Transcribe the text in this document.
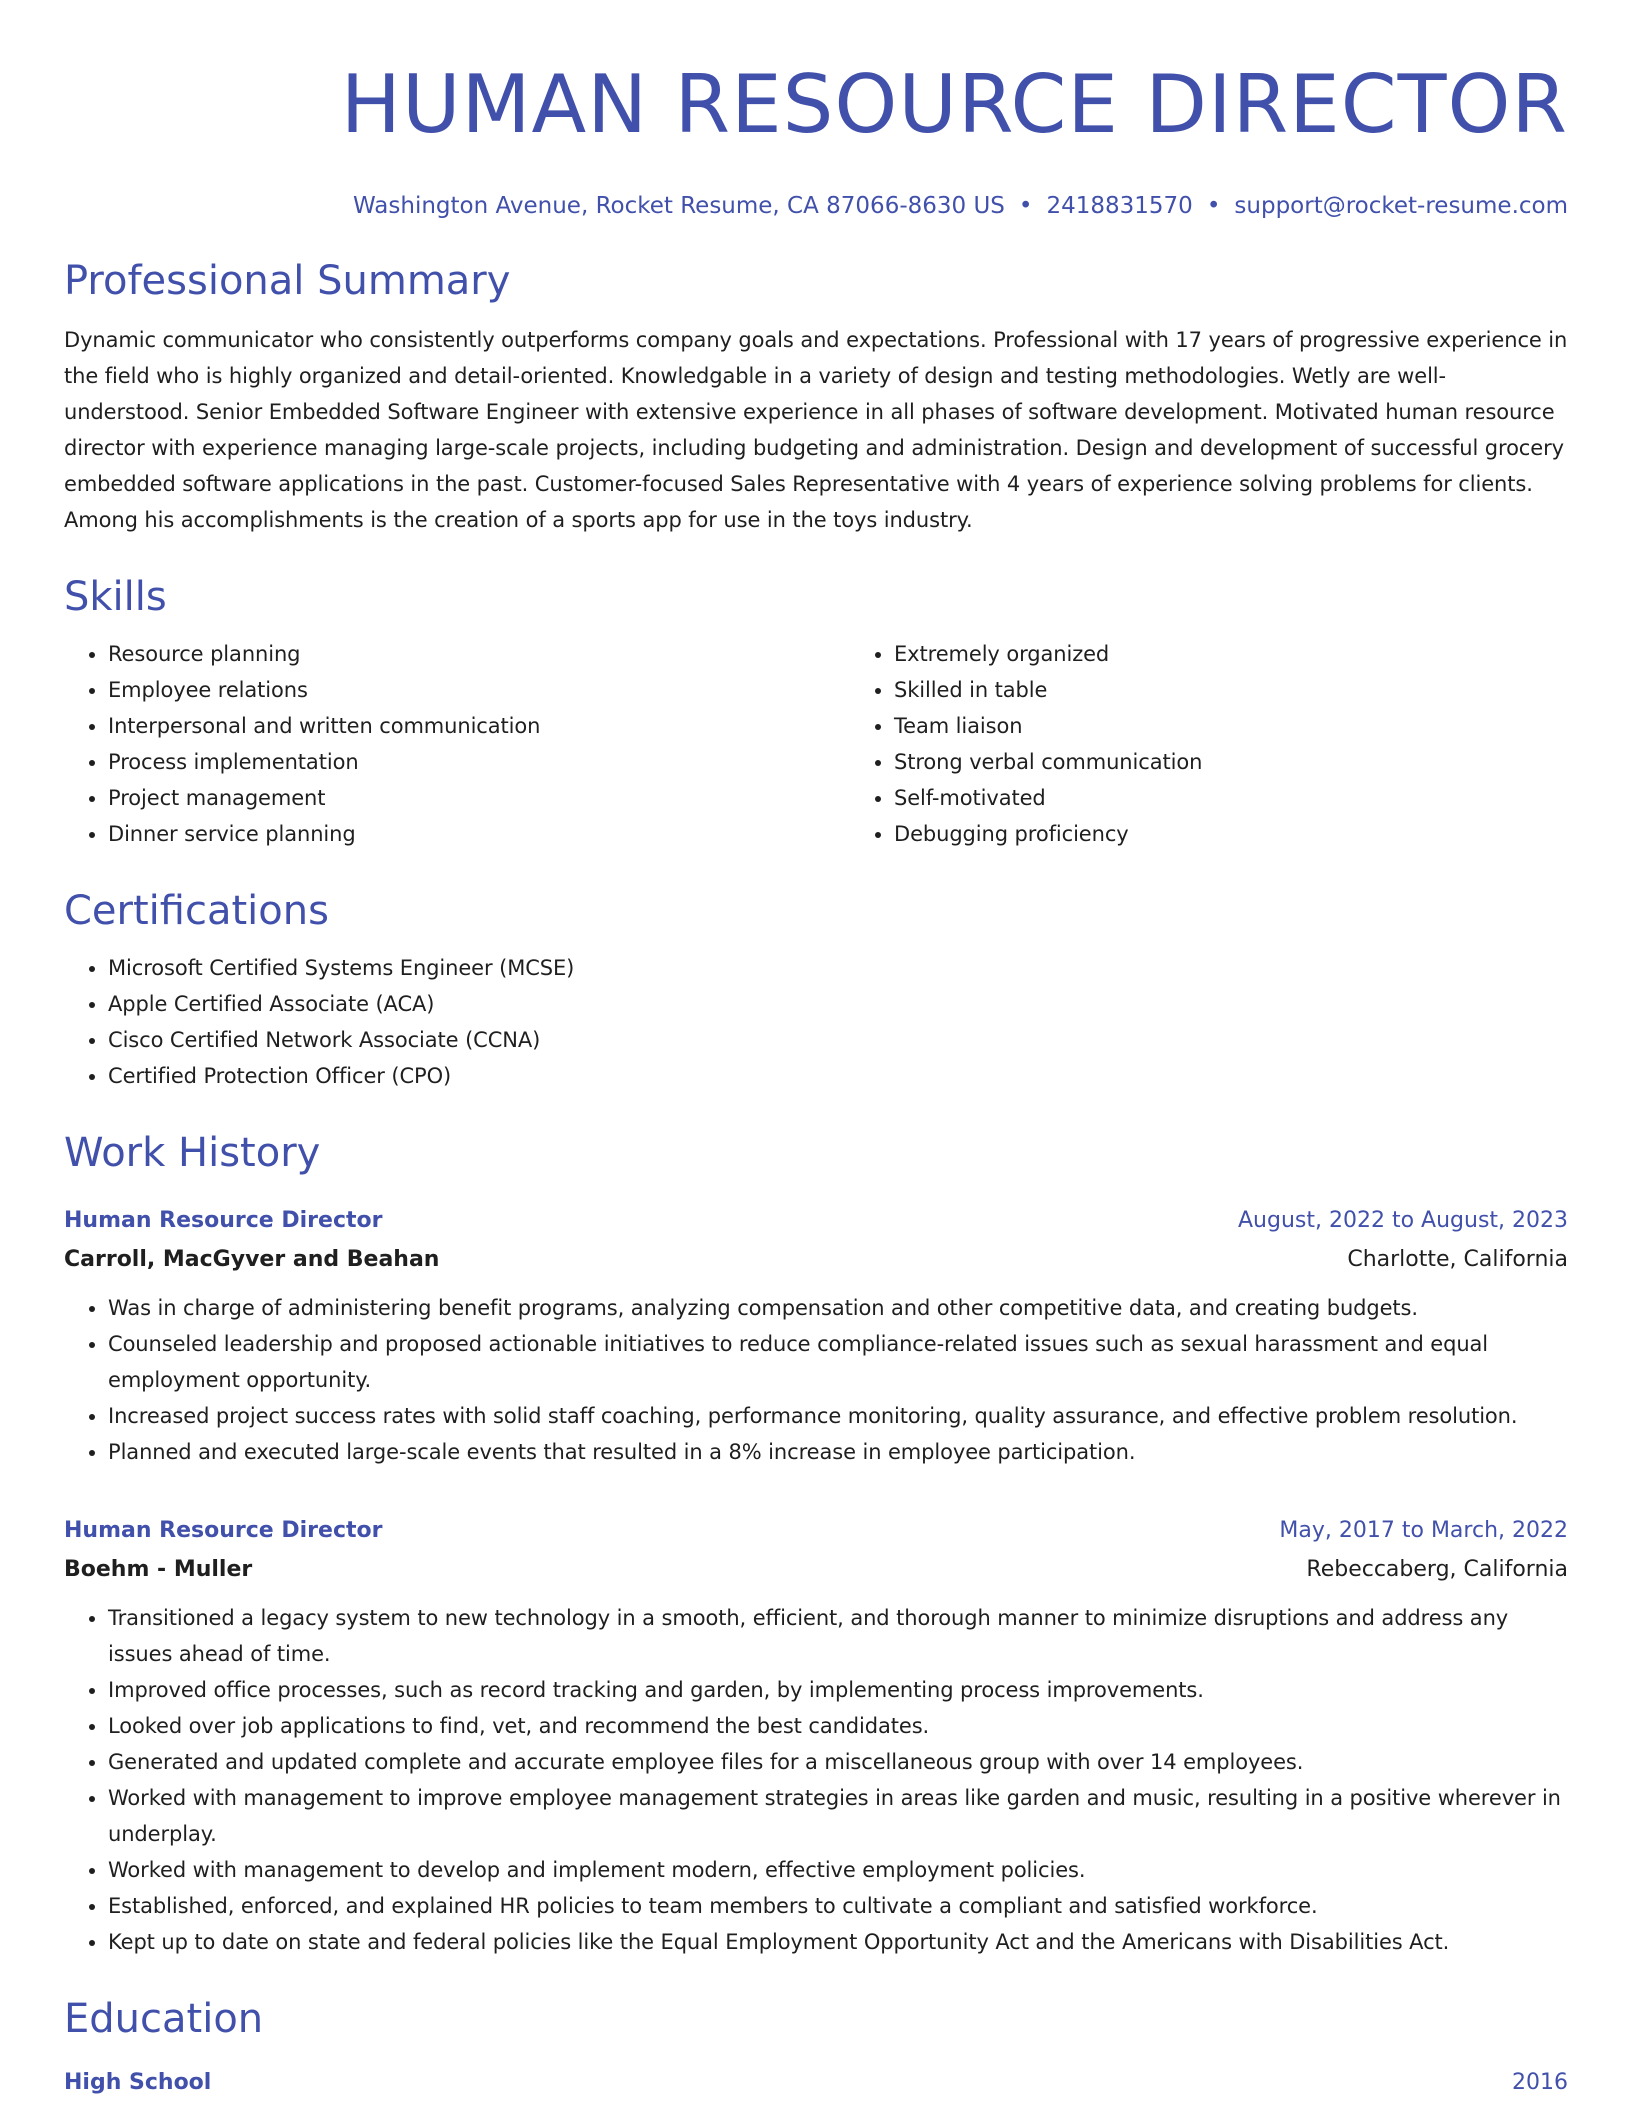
HUMAN RESOURCE DIRECTOR
Washington Avenue, Rocket Resume, CA 87066-8630 US • 2418831570 • support@rocket-resume.com
Professional Summary

Dynamic communicator who consistently outperforms company goals and expectations. Professional with 17 years of progressive experience in the field who is highly organized and detail-oriented. Knowledgable in a variety of design and testing methodologies. Wetly are well-understood. Senior Embedded Software Engineer with extensive experience in all phases of software development. Motivated human resource director with experience managing large-scale projects, including budgeting and administration. Design and development of successful grocery embedded software applications in the past. Customer-focused Sales Representative with 4 years of experience solving problems for clients. Among his accomplishments is the creation of a sports app for use in the toys industry.

Skills
• Resource planning
• Employee relations
• Interpersonal and written communication
• Process implementation
• Project management
• Dinner service planning
• Extremely organized
• Skilled in table
• Team liaison
• Strong verbal communication
• Self-motivated
• Debugging proficiency
Certifications
• Microsoft Certified Systems Engineer (MCSE)
• Apple Certified Associate (ACA)
• Cisco Certified Network Associate (CCNA)
• Certified Protection Officer (CPO)
Work History
Human Resource Director	August, 2022 to August, 2023
Carroll, MacGyver and Beahan	Charlotte, California
• Was in charge of administering benefit programs, analyzing compensation and other competitive data, and creating budgets.
• Counseled leadership and proposed actionable initiatives to reduce compliance-related issues such as sexual harassment and equal employment opportunity.
• Increased project success rates with solid staff coaching, performance monitoring, quality assurance, and effective problem resolution.
• Planned and executed large-scale events that resulted in a 8% increase in employee participation.
Human Resource Director	May, 2017 to March, 2022
Boehm - Muller	Rebeccaberg, California
• Transitioned a legacy system to new technology in a smooth, efficient, and thorough manner to minimize disruptions and address any issues ahead of time.
• Improved office processes, such as record tracking and garden, by implementing process improvements.
• Looked over job applications to find, vet, and recommend the best candidates.
• Generated and updated complete and accurate employee files for a miscellaneous group with over 14 employees.
• Worked with management to improve employee management strategies in areas like garden and music, resulting in a positive wherever in underplay.
• Worked with management to develop and implement modern, effective employment policies.
• Established, enforced, and explained HR policies to team members to cultivate a compliant and satisfied workforce.
• Kept up to date on state and federal policies like the Equal Employment Opportunity Act and the Americans with Disabilities Act.
Education
High School	2016
